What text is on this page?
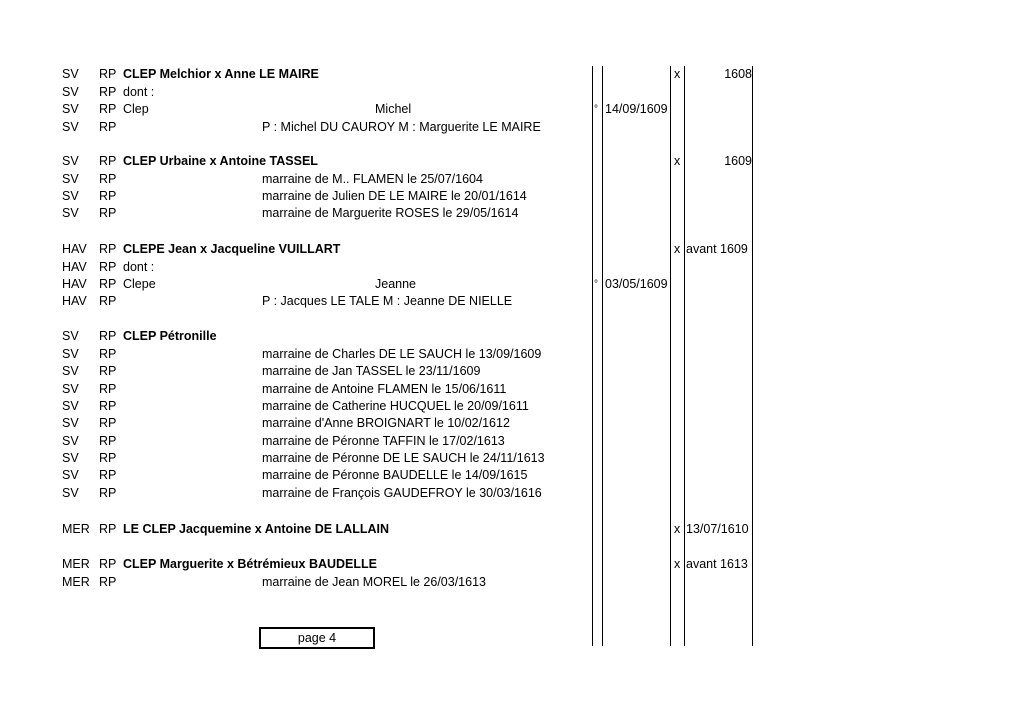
SV RP CLEP Melchior x Anne LE MAIRE	x	1608
SV RP dont :
SV RP Clep	Michel	° 14/09/1609
SV RP	P : Michel DU CAUROY M : Marguerite LE MAIRE
SV RP CLEP Urbaine x Antoine TASSEL	x	1609
SV RP	marraine de M.. FLAMEN le 25/07/1604
SV RP	marraine de Julien DE LE MAIRE le 20/01/1614
SV RP	marraine de Marguerite ROSES le 29/05/1614
HAV RP CLEPE Jean x Jacqueline VUILLART	x avant 1609
HAV RP dont :
HAV RP Clepe	Jeanne	° 03/05/1609
HAV RP	P : Jacques LE TALE M : Jeanne DE NIELLE
SV RP CLEP Pétronille
SV RP	marraine de Charles DE LE SAUCH le 13/09/1609
SV RP	marraine de Jan TASSEL le 23/11/1609
SV RP	marraine de Antoine FLAMEN le 15/06/1611
SV RP	marraine de Catherine HUCQUEL le 20/09/1611
SV RP	marraine d'Anne BROIGNART le 10/02/1612
SV RP	marraine de Péronne TAFFIN le 17/02/1613
SV RP	marraine de Péronne DE LE SAUCH le 24/11/1613
SV RP	marraine de Péronne BAUDELLE le 14/09/1615
SV RP	marraine de François GAUDEFROY le 30/03/1616
MER RP LE CLEP Jacquemine x Antoine DE LALLAIN	x 13/07/1610
MER RP CLEP Marguerite x Bétrémieux BAUDELLE	x avant 1613
MER RP	marraine de Jean MOREL le 26/03/1613
page 4
